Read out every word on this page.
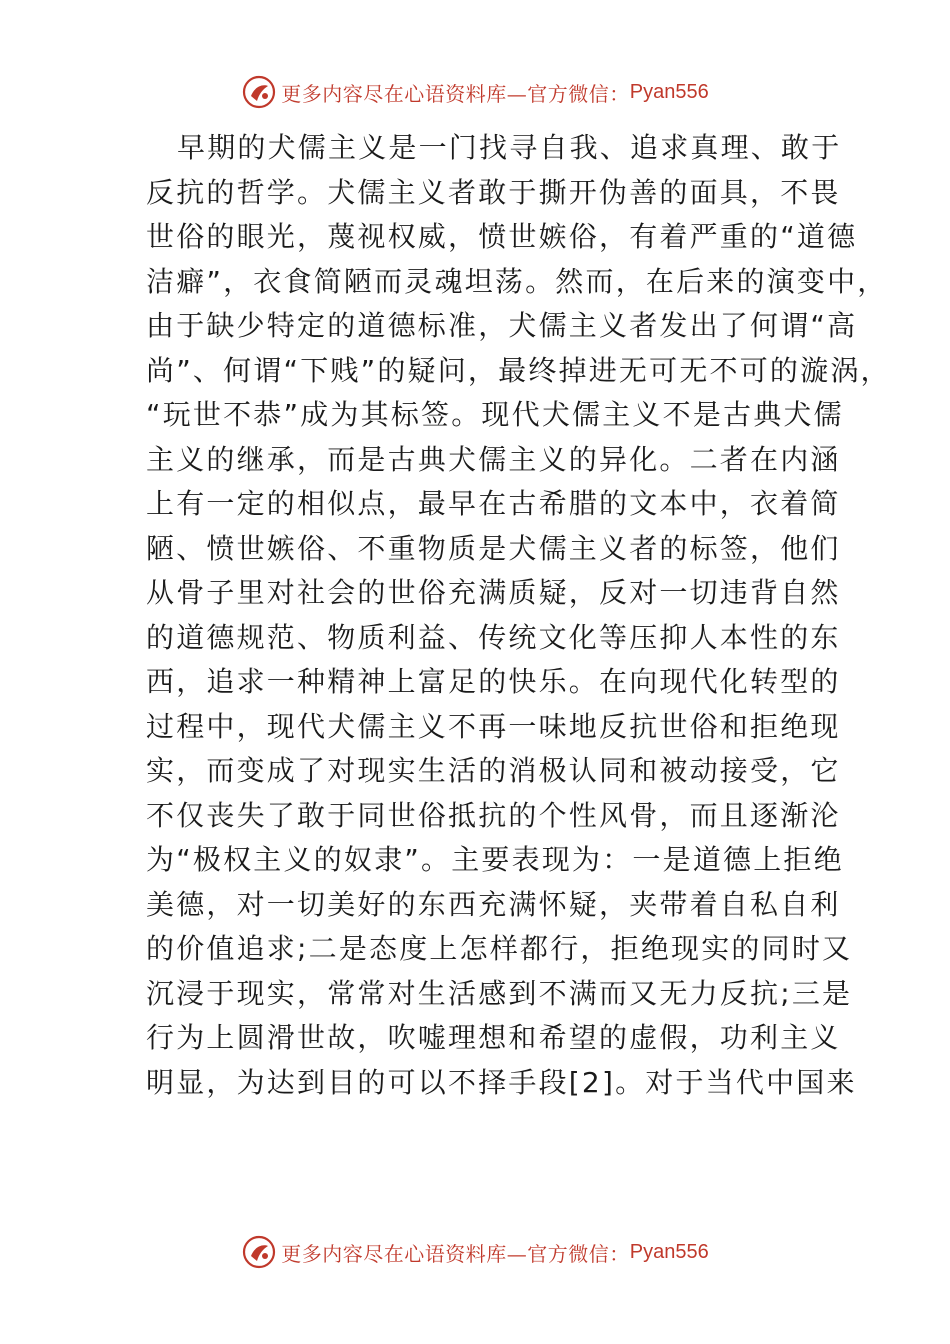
更多内容尽在心语资料库—官方微信： Pyan556
早期的犬儒主义是一门找寻自我、追求真理、敢于
反抗的哲学。犬儒主义者敢于撕开伪善的面具，不畏
世俗的眼光，蔑视权威，愤世嫉俗，有着严重的“道德
洁癖”，衣食简陋而灵魂坦荡。然而，在后来的演变中，
由于缺少特定的道德标准，犬儒主义者发出了何谓“高
尚”、何谓“下贱”的疑问，最终掉进无可无不可的漩涡，
“玩世不恭”成为其标签。现代犬儒主义不是古典犬儒
主义的继承，而是古典犬儒主义的异化。二者在内涵
上有一定的相似点，最早在古希腊的文本中，衣着简
陋、愤世嫉俗、不重物质是犬儒主义者的标签，他们
从骨子里对社会的世俗充满质疑，反对一切违背自然
的道德规范、物质利益、传统文化等压抑人本性的东
西，追求一种精神上富足的快乐。在向现代化转型的
过程中，现代犬儒主义不再一味地反抗世俗和拒绝现
实，而变成了对现实生活的消极认同和被动接受，它
不仅丧失了敢于同世俗抵抗的个性风骨，而且逐渐沦
为“极权主义的奴隶”。主要表现为：一是道德上拒绝
美德，对一切美好的东西充满怀疑，夹带着自私自利
的价值追求;二是态度上怎样都行，拒绝现实的同时又
沉浸于现实，常常对生活感到不满而又无力反抗;三是
行为上圆滑世故，吹嘘理想和希望的虚假，功利主义
明显，为达到目的可以不择手段[2]。对于当代中国来
更多内容尽在心语资料库—官方微信： Pyan556
